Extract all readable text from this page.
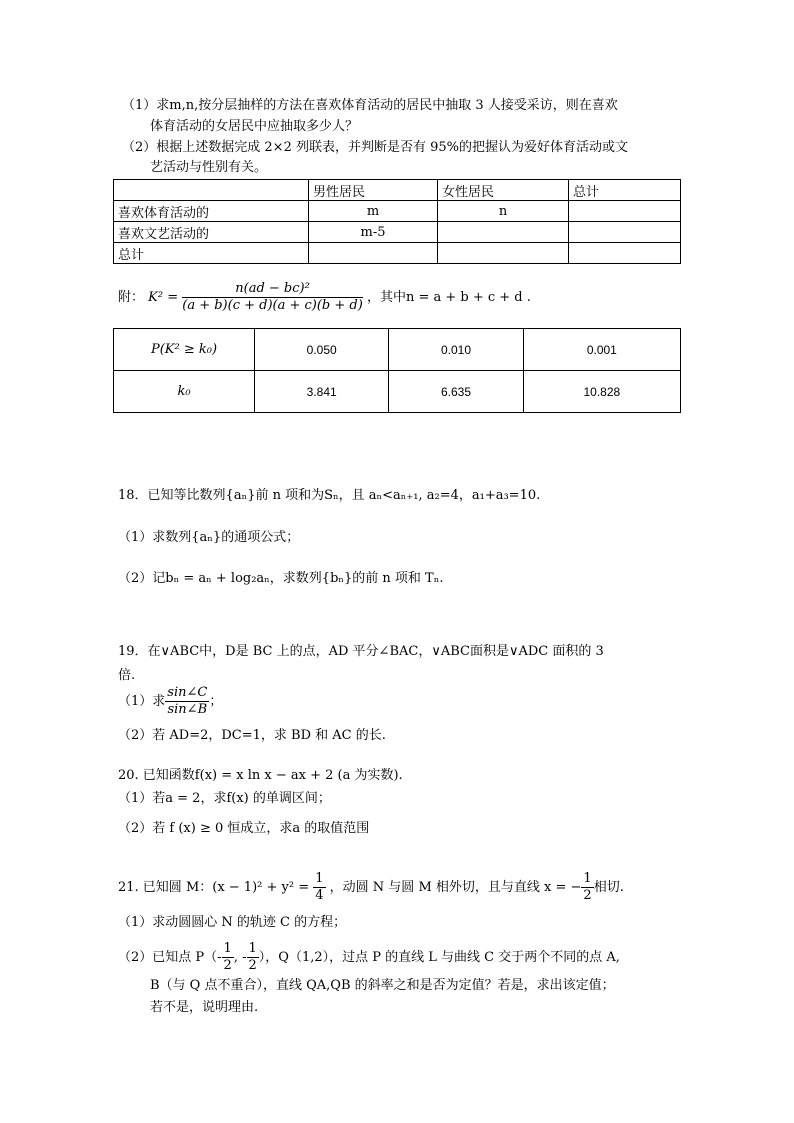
（1）求m,n,按分层抽样的方法在喜欢体育活动的居民中抽取 3 人接受采访，则在喜欢
体育活动的女居民中应抽取多少人？
（2）根据上述数据完成 2×2 列联表，并判断是否有 95%的把握认为爱好体育活动或文
艺活动与性别有关。
	男性居民	女性居民	总计
喜欢体育活动的	m	n	
喜欢文艺活动的	m-5		
总计			
附： $K^2 = \frac{\text{n(ad − bc)²}}{(a + b)(c + d)(a + c)(b + d)}$ ，其中n = a + b + c + d .
P(K² ≥ k₀)	0.050	0.010	0.001
k₀	3.841	6.635	10.828
18．已知等比数列{aₙ}前 n 项和为Sₙ，且 aₙ<aₙ₊₁, a₂=4，a₁+a₃=10.
（1）求数列{aₙ}的通项公式；
（2）记bₙ = aₙ + log₂aₙ，求数列{bₙ}的前 n 项和 Tₙ.
19．在∨ABC中，D是 BC 上的点，AD 平分∠BAC，∨ABC面积是∨ADC 面积的 3
倍.
（1）求 $\frac{\sin\angle C}{\sin\angle B}$ ；
（2）若 AD=2，DC=1，求 BD 和 AC 的长.
20. 已知函数f(x) = x ln x − ax + 2 (a 为实数).
（1）若a = 2，求f(x) 的单调区间；
（2）若 f (x) ≥ 0 恒成立，求a 的取值范围
21. 已知圆 M：$(x - 1)^2 + y^2 = \frac{1}{4}$ ，动圆 N 与圆 M 相外切，且与直线 x = − $\frac{1}{2}$ 相切.
（1）求动圆圆心 N 的轨迹 C 的方程；
（2）已知点 $P(- \frac{1}{2}$ , - $\frac{1}{2}$ ），Q（1,2），过点 P 的直线 L 与曲线 C 交于两个不同的点 A,
B（与 Q 点不重合），直线 QA,QB 的斜率之和是否为定值？若是，求出该定值；
若不是，说明理由.
